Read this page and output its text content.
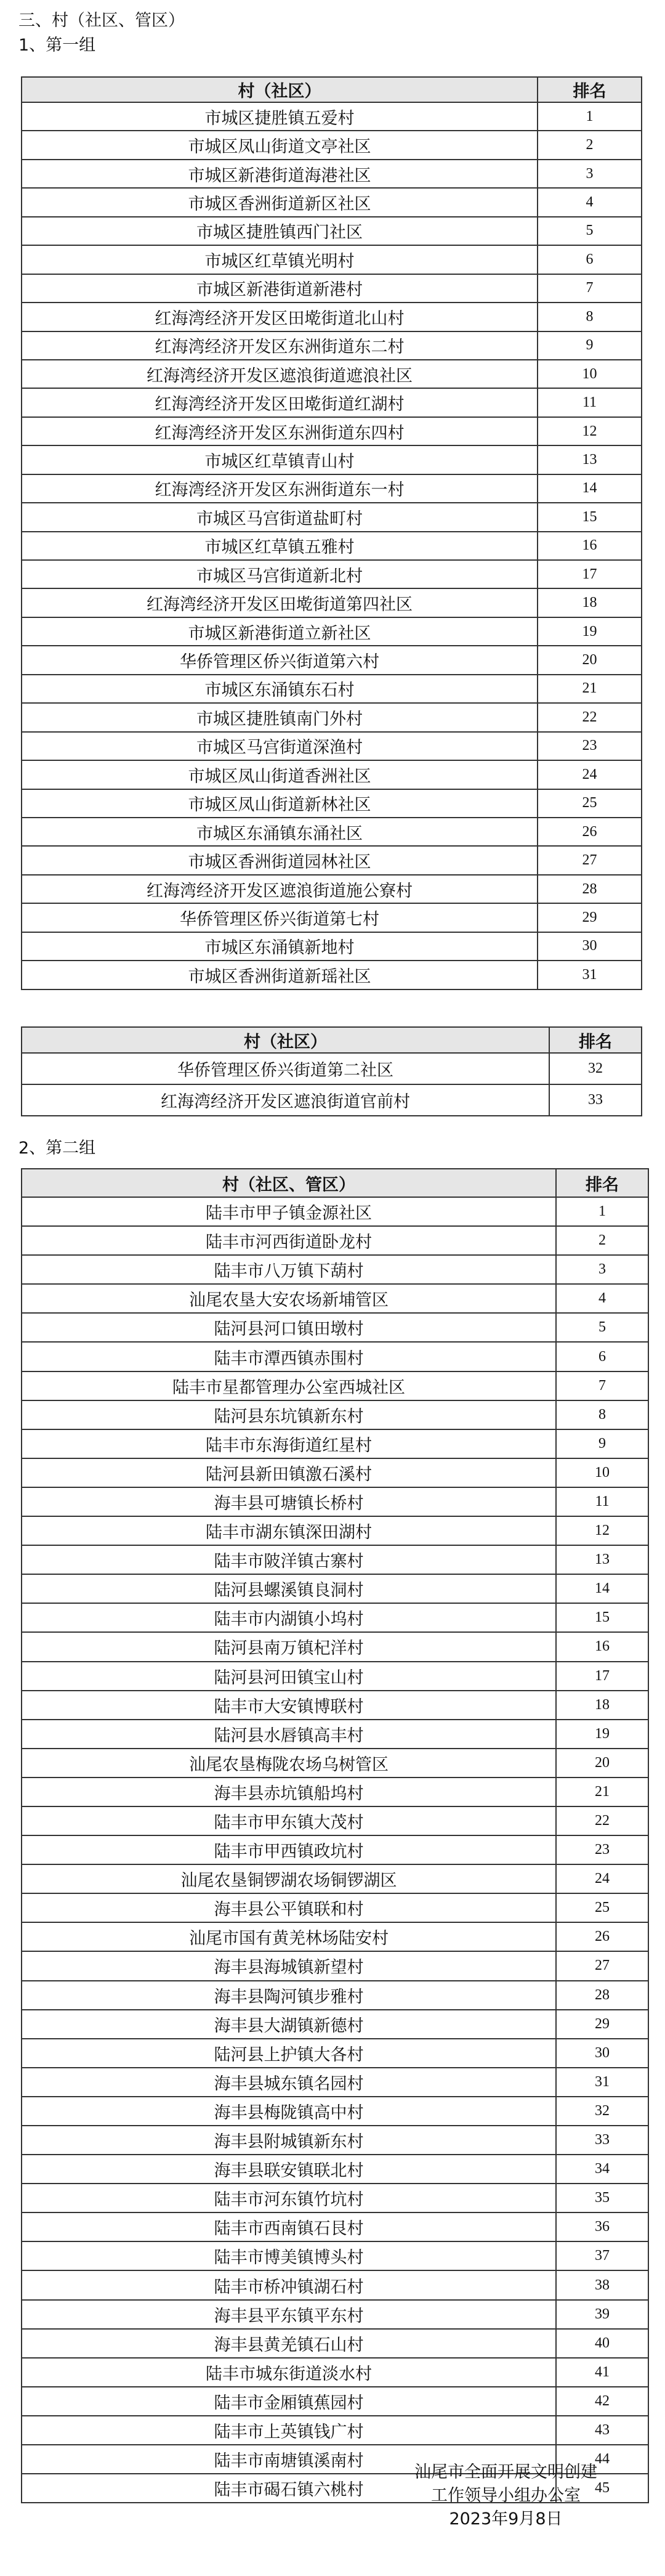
三、村（社区、管区）
1、第一组
村（社区）	排名
市城区捷胜镇五爱村	1
市城区凤山街道文亭社区	2
市城区新港街道海港社区	3
市城区香洲街道新区社区	4
市城区捷胜镇西门社区	5
市城区红草镇光明村	6
市城区新港街道新港村	7
红海湾经济开发区田墘街道北山村	8
红海湾经济开发区东洲街道东二村	9
红海湾经济开发区遮浪街道遮浪社区	10
红海湾经济开发区田墘街道红湖村	11
红海湾经济开发区东洲街道东四村	12
市城区红草镇青山村	13
红海湾经济开发区东洲街道东一村	14
市城区马宫街道盐町村	15
市城区红草镇五雅村	16
市城区马宫街道新北村	17
红海湾经济开发区田墘街道第四社区	18
市城区新港街道立新社区	19
华侨管理区侨兴街道第六村	20
市城区东涌镇东石村	21
市城区捷胜镇南门外村	22
市城区马宫街道深渔村	23
市城区凤山街道香洲社区	24
市城区凤山街道新林社区	25
市城区东涌镇东涌社区	26
市城区香洲街道园林社区	27
红海湾经济开发区遮浪街道施公寮村	28
华侨管理区侨兴街道第七村	29
市城区东涌镇新地村	30
市城区香洲街道新瑶社区	31
村（社区）	排名
华侨管理区侨兴街道第二社区	32
红海湾经济开发区遮浪街道官前村	33
2、第二组
村（社区、管区）	排名
陆丰市甲子镇金源社区	1
陆丰市河西街道卧龙村	2
陆丰市八万镇下葫村	3
汕尾农垦大安农场新埔管区	4
陆河县河口镇田墩村	5
陆丰市潭西镇赤围村	6
陆丰市星都管理办公室西城社区	7
陆河县东坑镇新东村	8
陆丰市东海街道红星村	9
陆河县新田镇激石溪村	10
海丰县可塘镇长桥村	11
陆丰市湖东镇深田湖村	12
陆丰市陂洋镇古寨村	13
陆河县螺溪镇良洞村	14
陆丰市内湖镇小坞村	15
陆河县南万镇杞洋村	16
陆河县河田镇宝山村	17
陆丰市大安镇博联村	18
陆河县水唇镇高丰村	19
汕尾农垦梅陇农场乌树管区	20
海丰县赤坑镇船坞村	21
陆丰市甲东镇大茂村	22
陆丰市甲西镇政坑村	23
汕尾农垦铜锣湖农场铜锣湖区	24
海丰县公平镇联和村	25
汕尾市国有黄羌林场陆安村	26
海丰县海城镇新望村	27
海丰县陶河镇步雅村	28
海丰县大湖镇新德村	29
陆河县上护镇大各村	30
海丰县城东镇名园村	31
海丰县梅陇镇高中村	32
海丰县附城镇新东村	33
海丰县联安镇联北村	34
陆丰市河东镇竹坑村	35
陆丰市西南镇石艮村	36
陆丰市博美镇博头村	37
陆丰市桥冲镇湖石村	38
海丰县平东镇平东村	39
海丰县黄羌镇石山村	40
陆丰市城东街道淡水村	41
陆丰市金厢镇蕉园村	42
陆丰市上英镇钱广村	43
陆丰市南塘镇溪南村	44
陆丰市碣石镇六桃村	45
汕尾市全面开展文明创建
工作领导小组办公室
2023年9月8日
